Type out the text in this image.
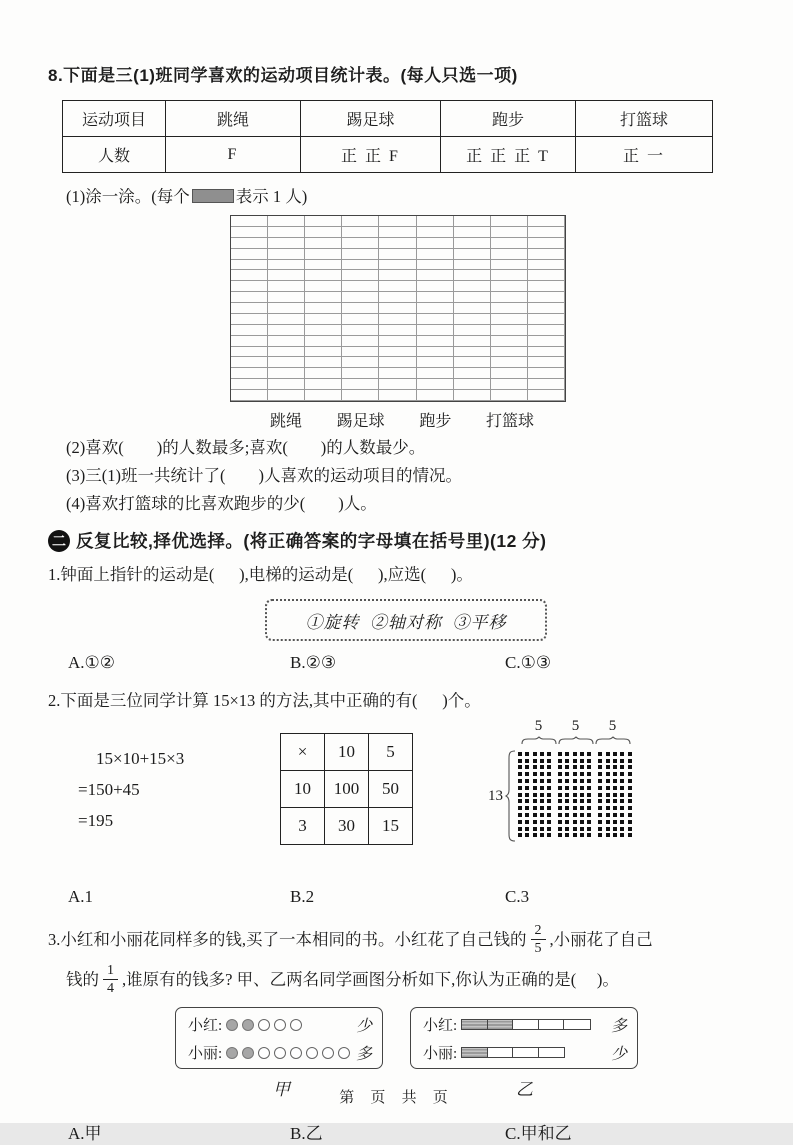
8.下面是三(1)班同学喜欢的运动项目统计表。(每人只选一项)
运动项目	跳绳	踢足球	跑步	打篮球
人数	F	正 正 F	正 正 正 T	正 一
(1)涂一涂。(每个	表示 1 人)
跳绳 踢足球 跑步 打篮球
(2)喜欢(        )的人数最多;喜欢(        )的人数最少。
(3)三(1)班一共统计了(        )人喜欢的运动项目的情况。
(4)喜欢打篮球的比喜欢跑步的少(        )人。
二 反复比较,择优选择。(将正确答案的字母填在括号里)(12 分)
1.钟面上指针的运动是(      ),电梯的运动是(      ),应选(      )。
①旋转  ②轴对称  ③平移
A.①②	B.②③	C.①③
2.下面是三位同学计算 15×13 的方法,其中正确的有(      )个。
15×10+15×3
=150+45
=195
×	10	5
10	100	50
3	30	15
5	5	5
13
A.1	B.2	C.3
3.小红和小丽花同样多的钱,买了一本相同的书。小红花了自己钱的 $\frac{2}{5}$ ,小丽花了自己
钱的 $\frac{1}{4}$ ,谁原有的钱多? 甲、乙两名同学画图分析如下,你认为正确的是(     )。
小红:	少
小丽:	多
小红:	多
小丽:	少
甲	乙
A.甲	B.乙	C.甲和乙
第 页 共 页
